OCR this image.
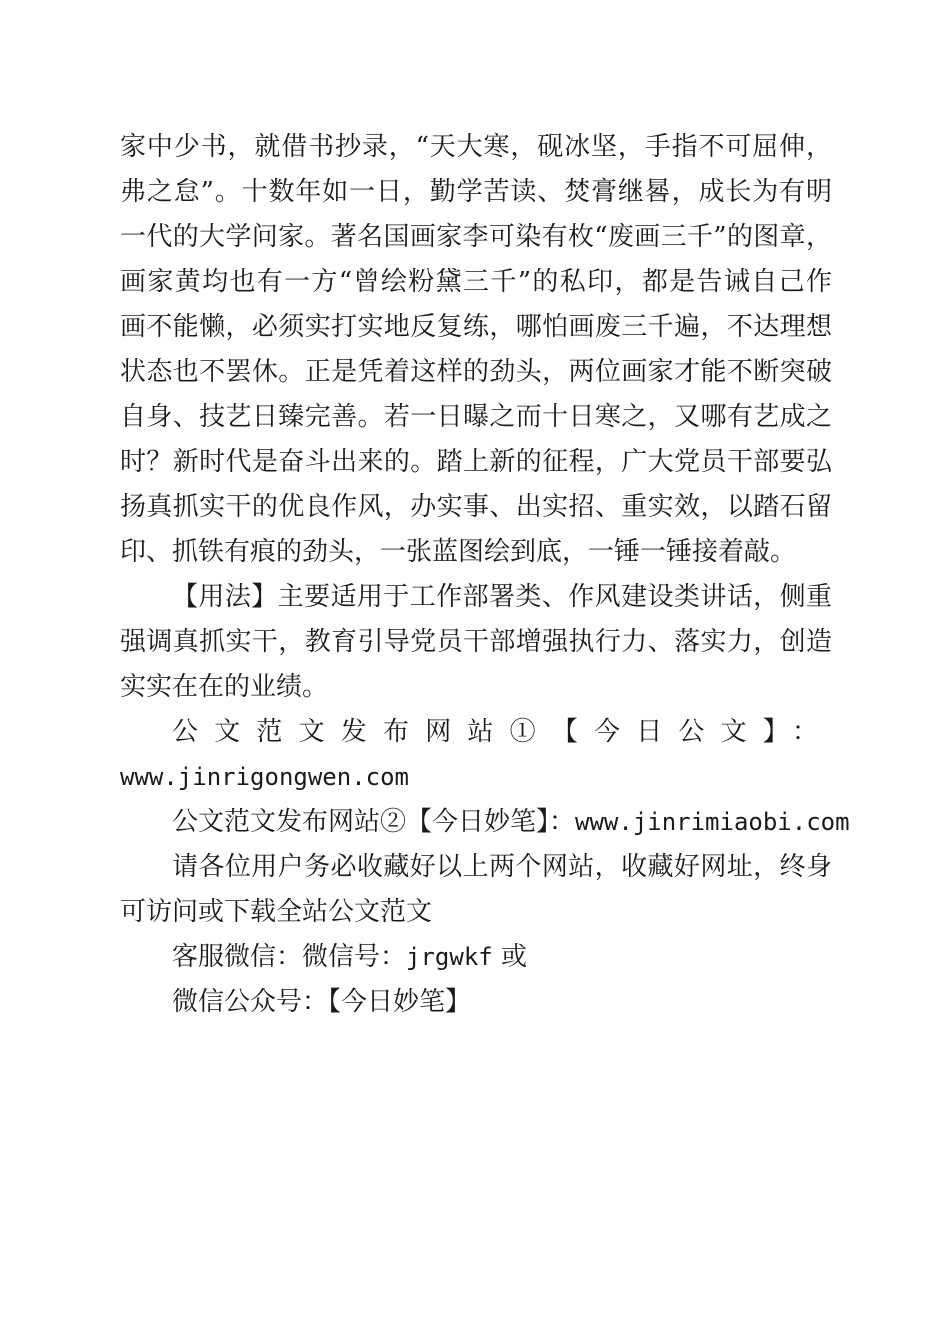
家中少书，就借书抄录，“天大寒，砚冰坚，手指不可屈伸，
弗之怠”。十数年如一日，勤学苦读、焚膏继晷，成长为有明
一代的大学问家。著名国画家李可染有枚“废画三千”的图章，
画家黄均也有一方“曾绘粉黛三千”的私印，都是告诫自己作
画不能懒，必须实打实地反复练，哪怕画废三千遍，不达理想
状态也不罢休。正是凭着这样的劲头，两位画家才能不断突破
自身、技艺日臻完善。若一日曝之而十日寒之，又哪有艺成之
时？新时代是奋斗出来的。踏上新的征程，广大党员干部要弘
扬真抓实干的优良作风，办实事、出实招、重实效，以踏石留
印、抓铁有痕的劲头，一张蓝图绘到底，一锤一锤接着敲。
【用法】主要适用于工作部署类、作风建设类讲话，侧重
强调真抓实干，教育引导党员干部增强执行力、落实力，创造
实实在在的业绩。
公文范文发布网站①【今日公文】：
www.jinrigongwen.com
公文范文发布网站②【今日妙笔】：www.jinrimiaobi.com
请各位用户务必收藏好以上两个网站，收藏好网址，终身
可访问或下载全站公文范文
客服微信：微信号：jrgwkf 或
微信公众号：【今日妙笔】
